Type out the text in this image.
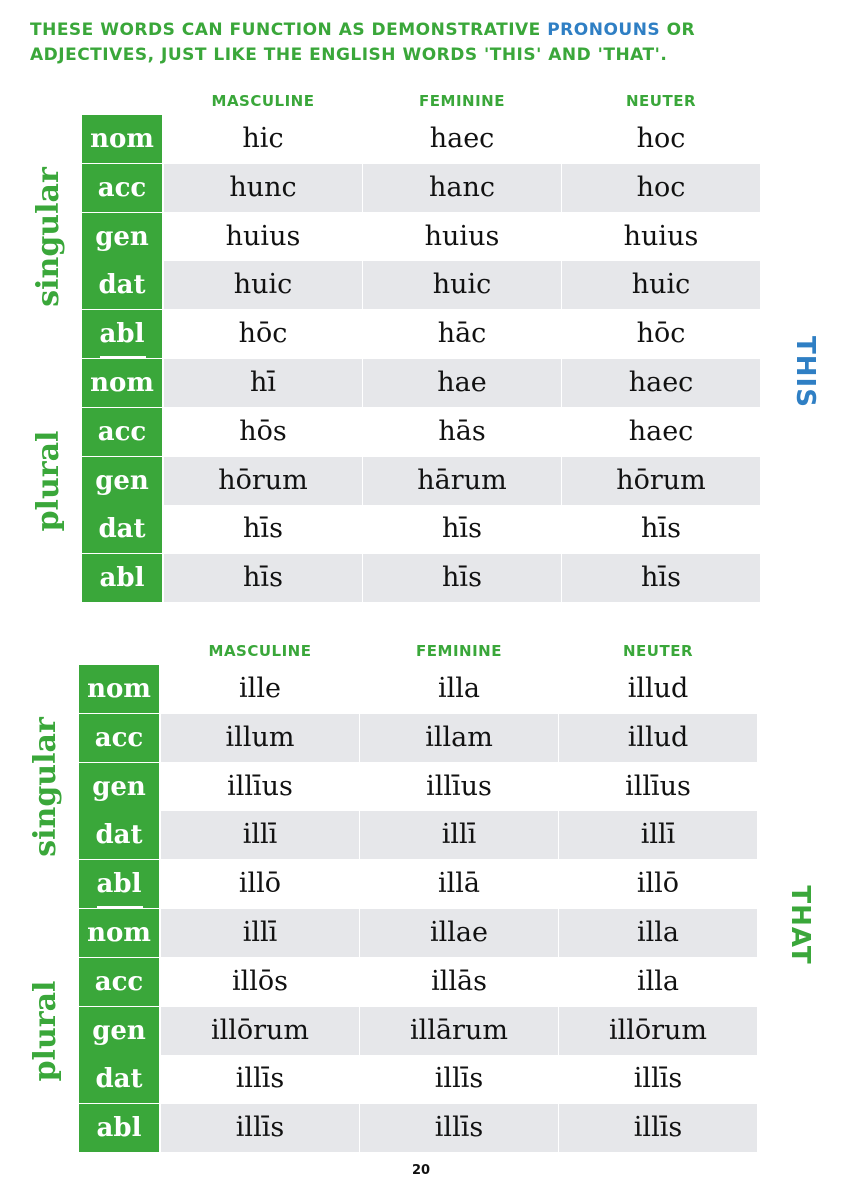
THESE WORDS CAN FUNCTION AS DEMONSTRATIVE PRONOUNS OR ADJECTIVES, JUST LIKE THE ENGLISH WORDS 'THIS' AND 'THAT'.
MASCULINE	FEMININE	NEUTER
nom	hic	haec	hoc
acc	hunc	hanc	hoc
gen	huius	huius	huius
dat	huic	huic	huic
abl	hōc	hāc	hōc
nom	hī	hae	haec
acc	hōs	hās	haec
gen	hōrum	hārum	hōrum
dat	hīs	hīs	hīs
abl	hīs	hīs	hīs
singular
plural
THIS
MASCULINE	FEMININE	NEUTER
nom	ille	illa	illud
acc	illum	illam	illud
gen	illīus	illīus	illīus
dat	illī	illī	illī
abl	illō	illā	illō
nom	illī	illae	illa
acc	illōs	illās	illa
gen	illōrum	illārum	illōrum
dat	illīs	illīs	illīs
abl	illīs	illīs	illīs
singular
plural
THAT
20
